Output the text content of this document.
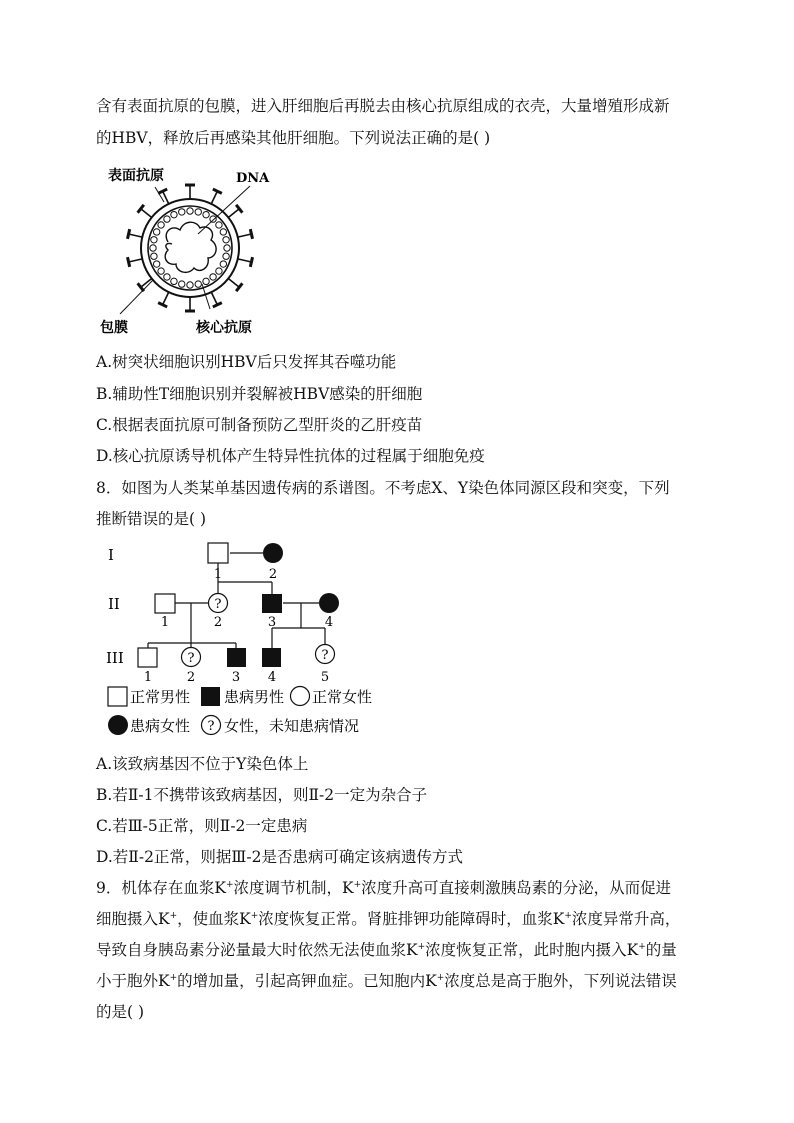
含有表面抗原的包膜，进入肝细胞后再脱去由核心抗原组成的衣壳，大量增殖形成新
的HBV，释放后再感染其他肝细胞。下列说法正确的是( )
表面抗原	DNA
包膜	核心抗原
A.树突状细胞识别HBV后只发挥其吞噬功能
B.辅助性T细胞识别并裂解被HBV感染的肝细胞
C.根据表面抗原可制备预防乙型肝炎的乙肝疫苗
D.核心抗原诱导机体产生特异性抗体的过程属于细胞免疫
8．如图为人类某单基因遗传病的系谱图。不考虑X、Y染色体同源区段和突变，下列
推断错误的是( )
?
?	?
I
II
III
1	2
1	2	3	4
1	2	3 4	5
正常男性 患病男性 正常女性
患病女性 ? 女性，未知患病情况
A.该致病基因不位于Y染色体上
B.若Ⅱ-1不携带该致病基因，则Ⅱ-2一定为杂合子
C.若Ⅲ-5正常，则Ⅱ-2一定患病
D.若Ⅱ-2正常，则据Ⅲ-2是否患病可确定该病遗传方式
9．机体存在血浆K+浓度调节机制，K+浓度升高可直接刺激胰岛素的分泌，从而促进
细胞摄入K+，使血浆K+浓度恢复正常。肾脏排钾功能障碍时，血浆K+浓度异常升高，
导致自身胰岛素分泌量最大时依然无法使血浆K+浓度恢复正常，此时胞内摄入K+的量
小于胞外K+的增加量，引起高钾血症。已知胞内K+浓度总是高于胞外，下列说法错误
的是( )
